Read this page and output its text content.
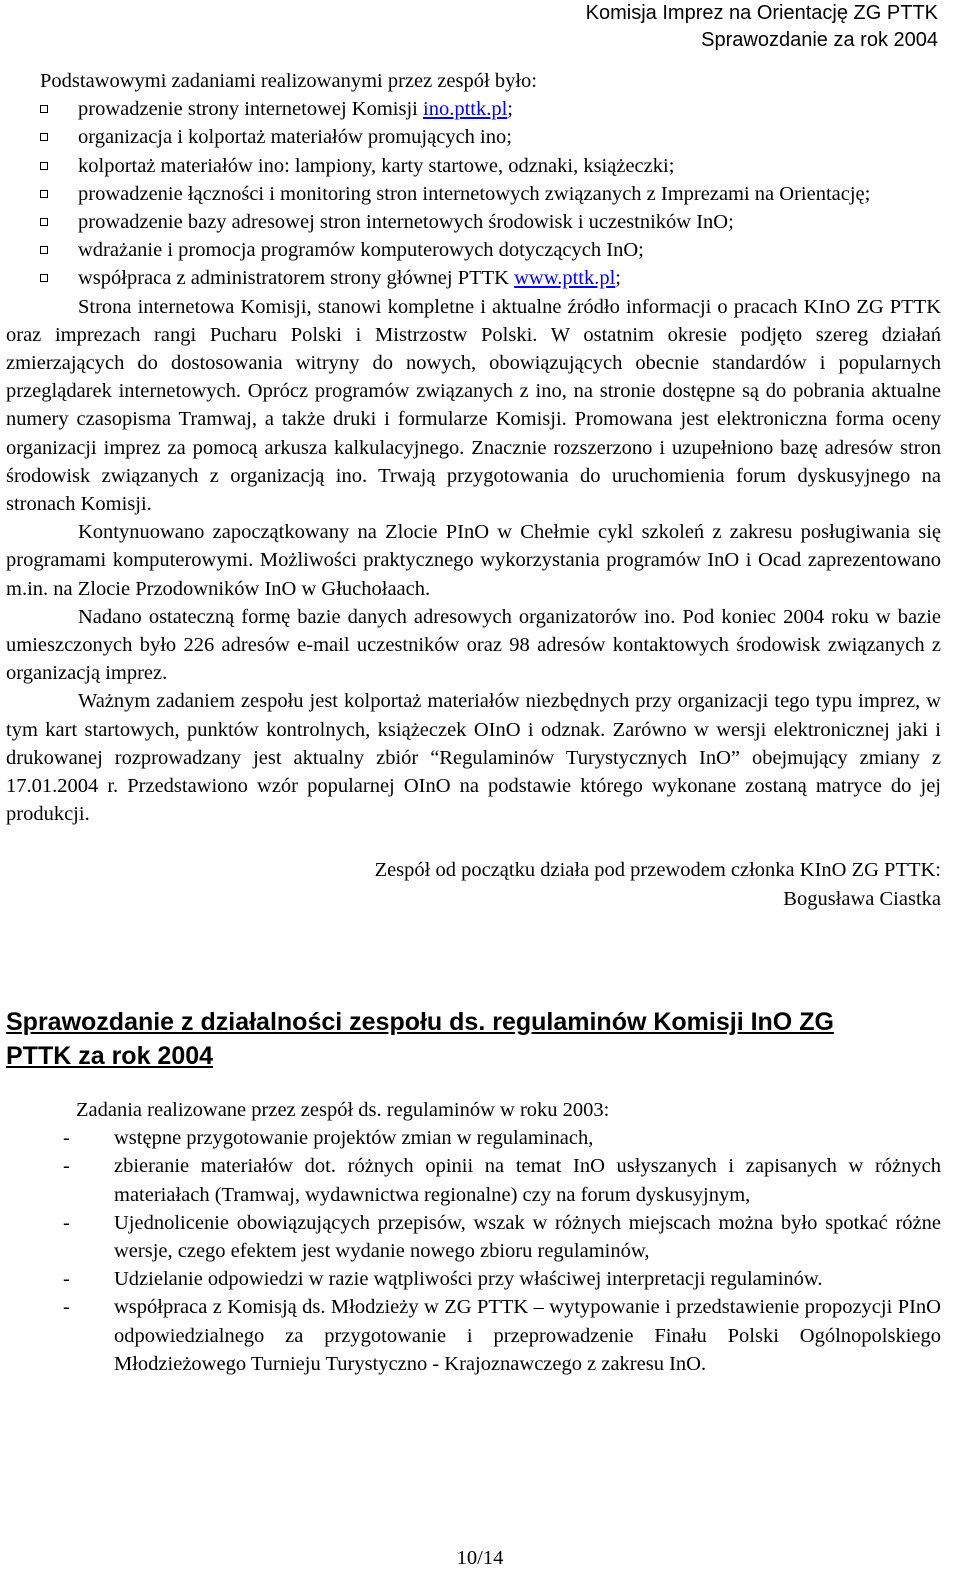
Komisja Imprez na Orientację ZG PTTK
Sprawozdanie za rok 2004
Podstawowymi zadaniami realizowanymi przez zespół było:
prowadzenie strony internetowej Komisji ino.pttk.pl;
organizacja i kolportaż materiałów promujących ino;
kolportaż materiałów ino: lampiony, karty startowe, odznaki, książeczki;
prowadzenie łączności i monitoring stron internetowych związanych z Imprezami na Orientację;
prowadzenie bazy adresowej stron internetowych środowisk i uczestników InO;
wdrażanie i promocja programów komputerowych dotyczących InO;
współpraca z administratorem strony głównej PTTK www.pttk.pl;

Strona internetowa Komisji, stanowi kompletne i aktualne źródło informacji o pracach KInO ZG PTTK oraz imprezach rangi Pucharu Polski i Mistrzostw Polski. W ostatnim okresie podjęto szereg działań zmierzających do dostosowania witryny do nowych, obowiązujących obecnie standardów i popularnych przeglądarek internetowych. Oprócz programów związanych z ino, na stronie dostępne są do pobrania aktualne numery czasopisma Tramwaj, a także druki i formularze Komisji. Promowana jest elektroniczna forma oceny organizacji imprez za pomocą arkusza kalkulacyjnego. Znacznie rozszerzono i uzupełniono bazę adresów stron środowisk związanych z organizacją ino. Trwają przygotowania do uruchomienia forum dyskusyjnego na stronach Komisji.

Kontynuowano zapoczątkowany na Zlocie PInO w Chełmie cykl szkoleń z zakresu posługiwania się programami komputerowymi. Możliwości praktycznego wykorzystania programów InO i Ocad zaprezentowano m.in. na Zlocie Przodowników InO w Głuchołaach.

Nadano ostateczną formę bazie danych adresowych organizatorów ino. Pod koniec 2004 roku w bazie umieszczonych było 226 adresów e-mail uczestników oraz 98 adresów kontaktowych środowisk związanych z organizacją imprez.

Ważnym zadaniem zespołu jest kolportaż materiałów niezbędnych przy organizacji tego typu imprez, w tym kart startowych, punktów kontrolnych, książeczek OInO i odznak. Zarówno w wersji elektronicznej jaki i drukowanej rozprowadzany jest aktualny zbiór “Regulaminów Turystycznych InO” obejmujący zmiany z 17.01.2004 r. Przedstawiono wzór popularnej OInO na podstawie którego wykonane zostaną matryce do jej produkcji.

Zespół od początku działa pod przewodem członka KInO ZG PTTK:
Bogusława Ciastka
Sprawozdanie z działalności zespołu ds. regulaminów Komisji InO ZG PTTK za rok 2004
Zadania realizowane przez zespół ds. regulaminów w roku 2003:
- wstępne przygotowanie projektów zmian w regulaminach,
- zbieranie materiałów dot. różnych opinii na temat InO usłyszanych i zapisanych w różnych materiałach (Tramwaj, wydawnictwa regionalne) czy na forum dyskusyjnym,
- Ujednolicenie obowiązujących przepisów, wszak w różnych miejscach można było spotkać różne wersje, czego efektem jest wydanie nowego zbioru regulaminów,
- Udzielanie odpowiedzi w razie wątpliwości przy właściwej interpretacji regulaminów.
- współpraca z Komisją ds. Młodzieży w ZG PTTK – wytypowanie i przedstawienie propozycji PInO odpowiedzialnego za przygotowanie i przeprowadzenie Finału Polski Ogólnopolskiego Młodzieżowego Turnieju Turystyczno - Krajoznawczego z zakresu InO.
10/14
